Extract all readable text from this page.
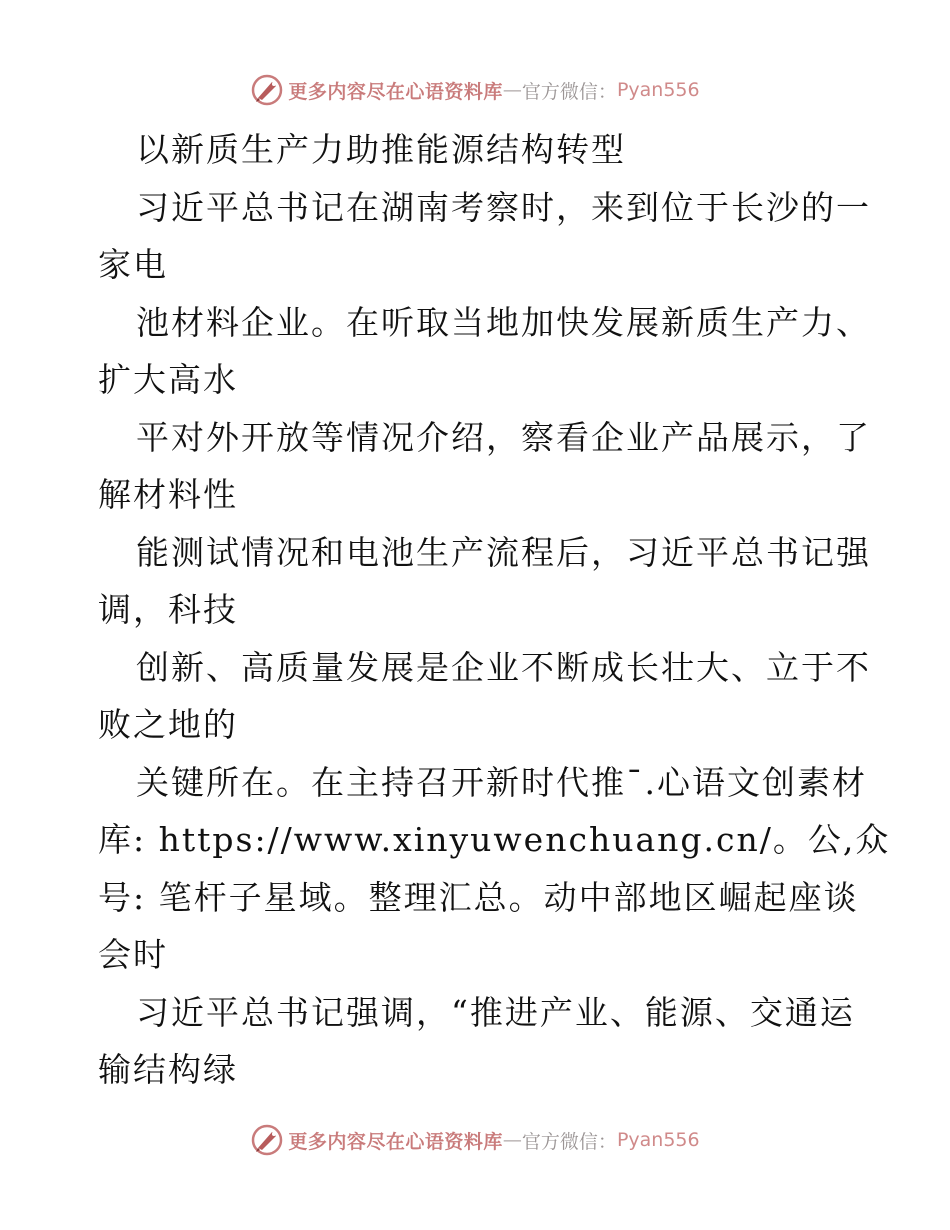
更多内容尽在心语资料库 — 官方微信： Pyan556
以新质生产力助推能源结构转型
习近平总书记在湖南考察时，来到位于长沙的一
家电
池材料企业。在听取当地加快发展新质生产力、
扩大高水
平对外开放等情况介绍，察看企业产品展示，了
解材料性
能测试情况和电池生产流程后，习近平总书记强
调，科技
创新、高质量发展是企业不断成长壮大、立于不
败之地的
关键所在。在主持召开新时代推¯.心语文创素材
库: https://www.xinyuwenchuang.cn/。公,众
号: 笔杆子星域。整理汇总。动中部地区崛起座谈
会时
习近平总书记强调，“推进产业、能源、交通运
输结构绿
更多内容尽在心语资料库 — 官方微信： Pyan556
